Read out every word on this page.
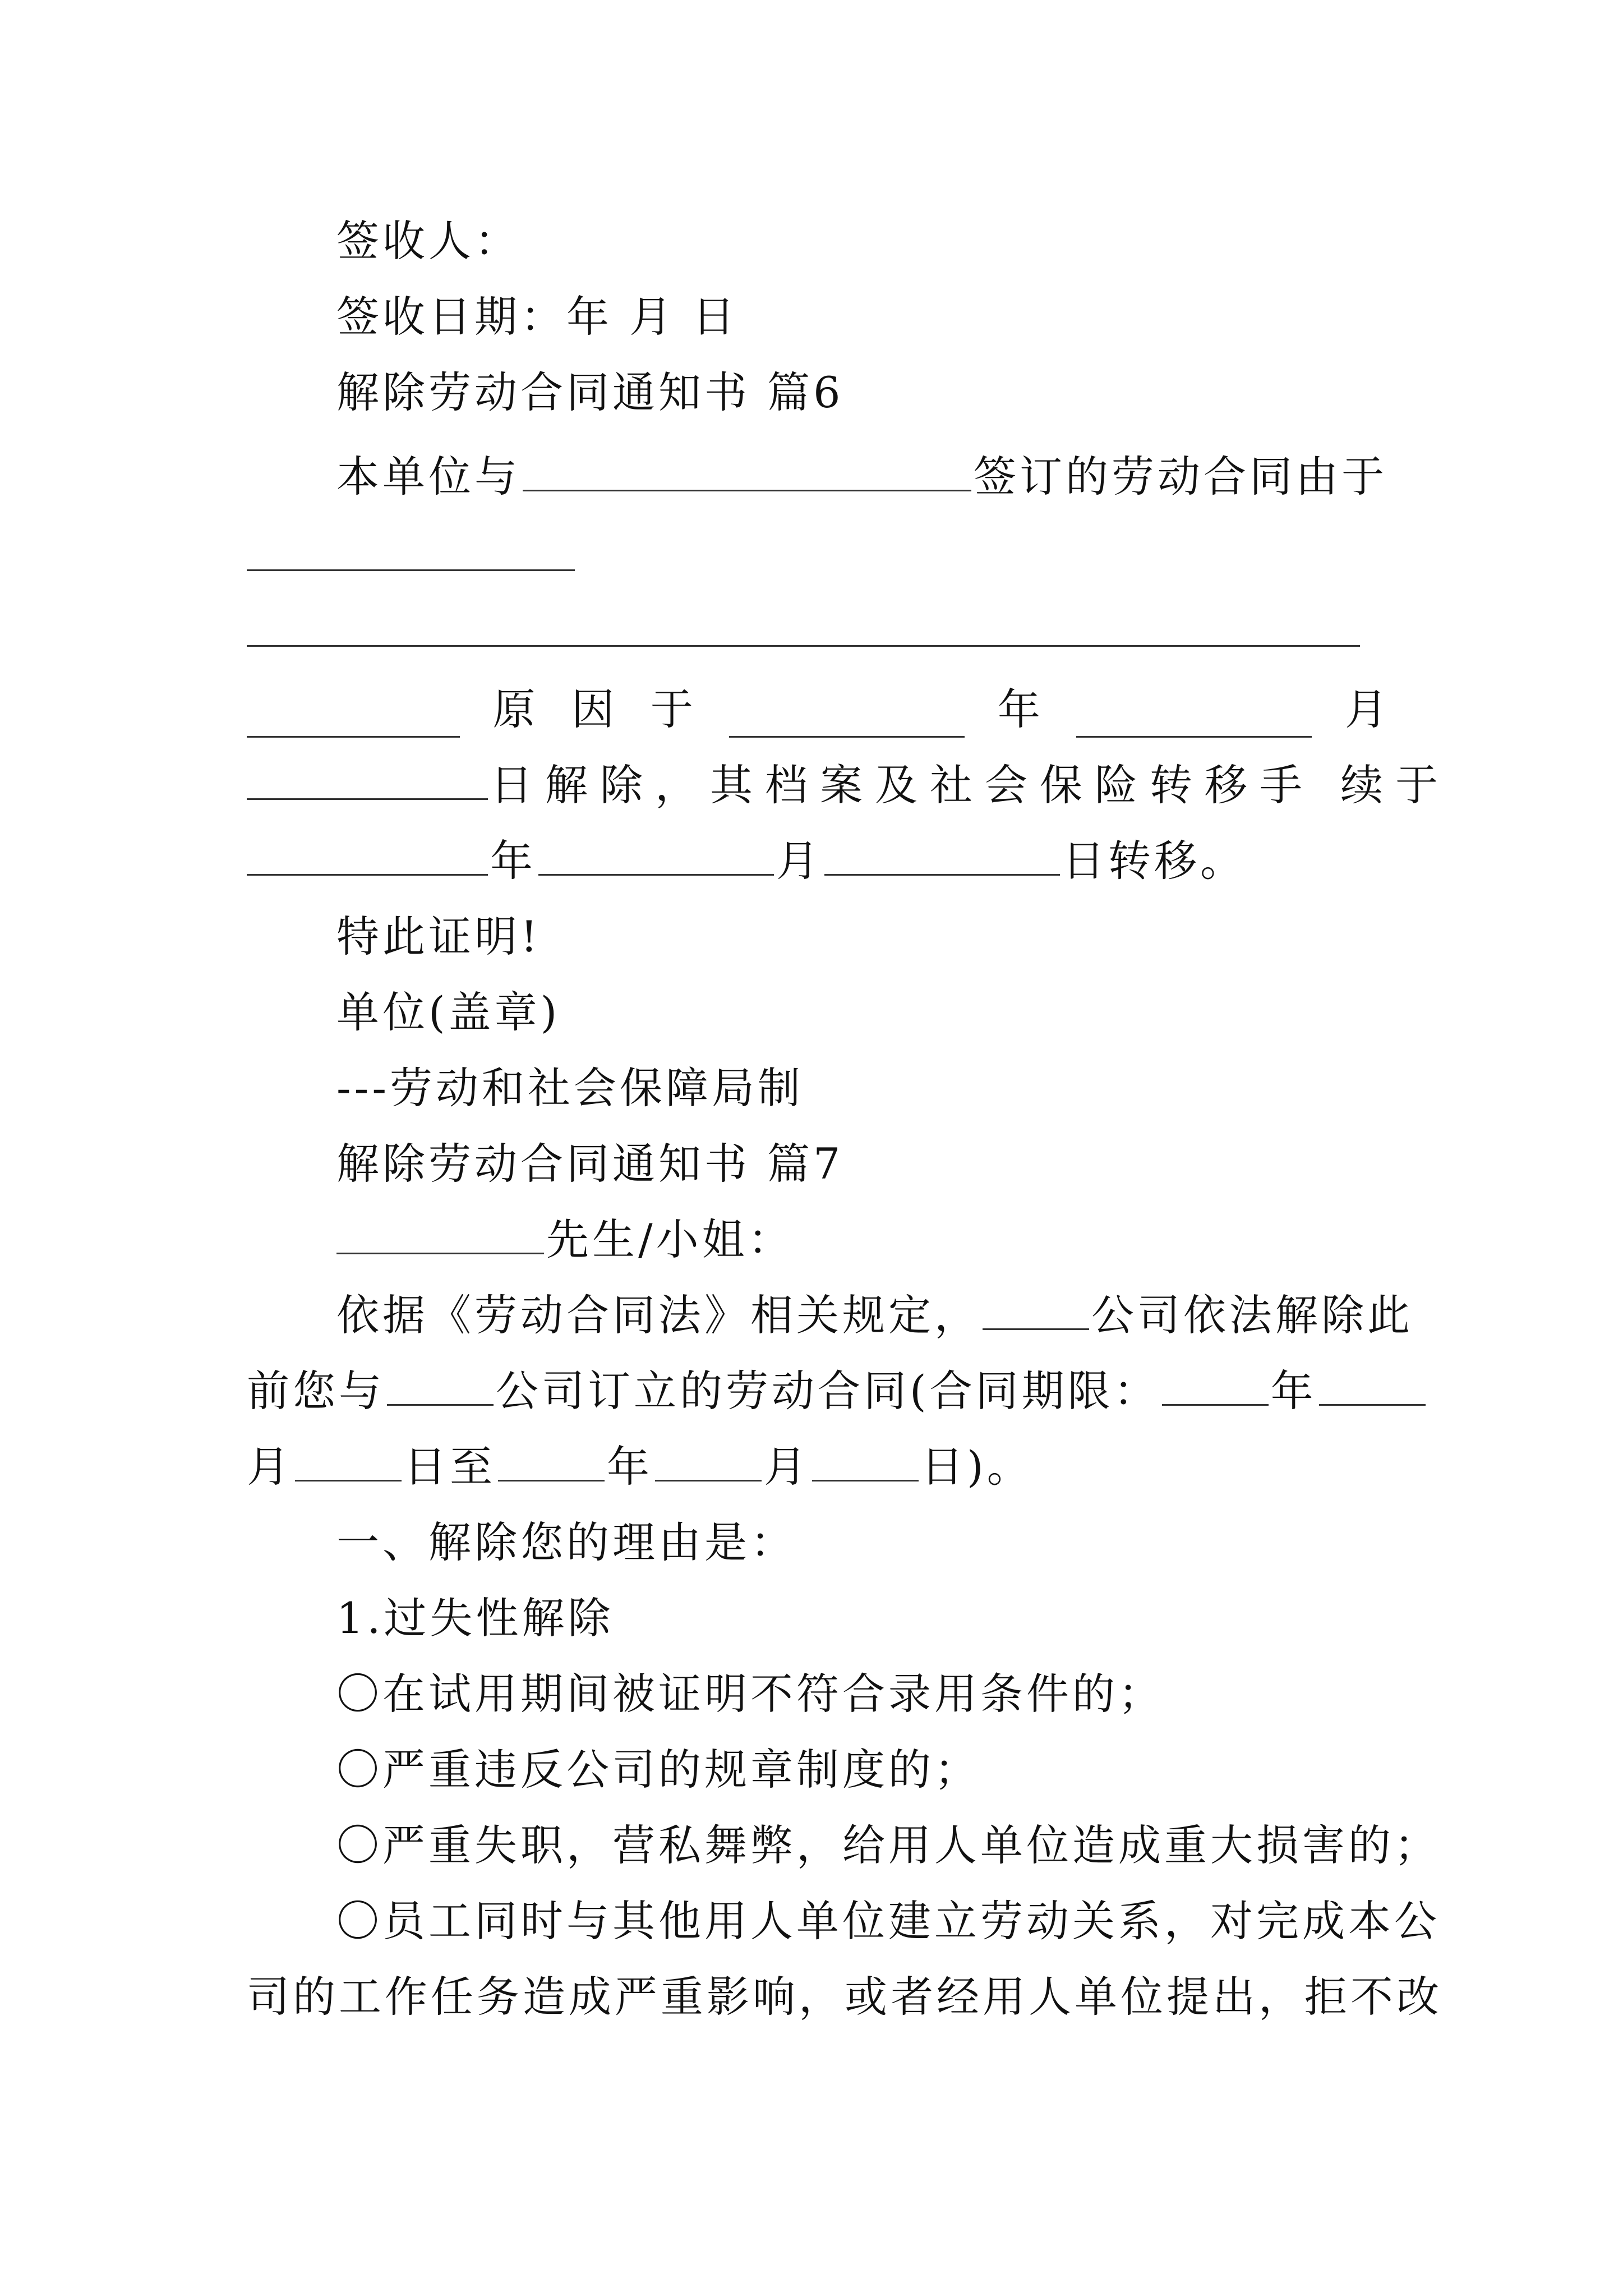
签收人：
签收日期：年 月 日
解除劳动合同通知书 篇6
本单位与	签订的劳动合同由于
原 因 于	年	月
日解除，其档案及社会保险转移手 续于
年	月	日转移。
特此证明!
单位(盖章)
---劳动和社会保障局制
解除劳动合同通知书 篇7
先生/小姐：
依据《劳动合同法》相关规定，	公司依法解除此
前您与	公司订立的劳动合同(合同期限：	年
月	日至	年	月	日)。
一、解除您的理由是：
1.过失性解除
〇在试用期间被证明不符合录用条件的；
〇严重违反公司的规章制度的；
〇严重失职，营私舞弊，给用人单位造成重大损害的；
〇员工同时与其他用人单位建立劳动关系，对完成本公
司的工作任务造成严重影响，或者经用人单位提出，拒不改
